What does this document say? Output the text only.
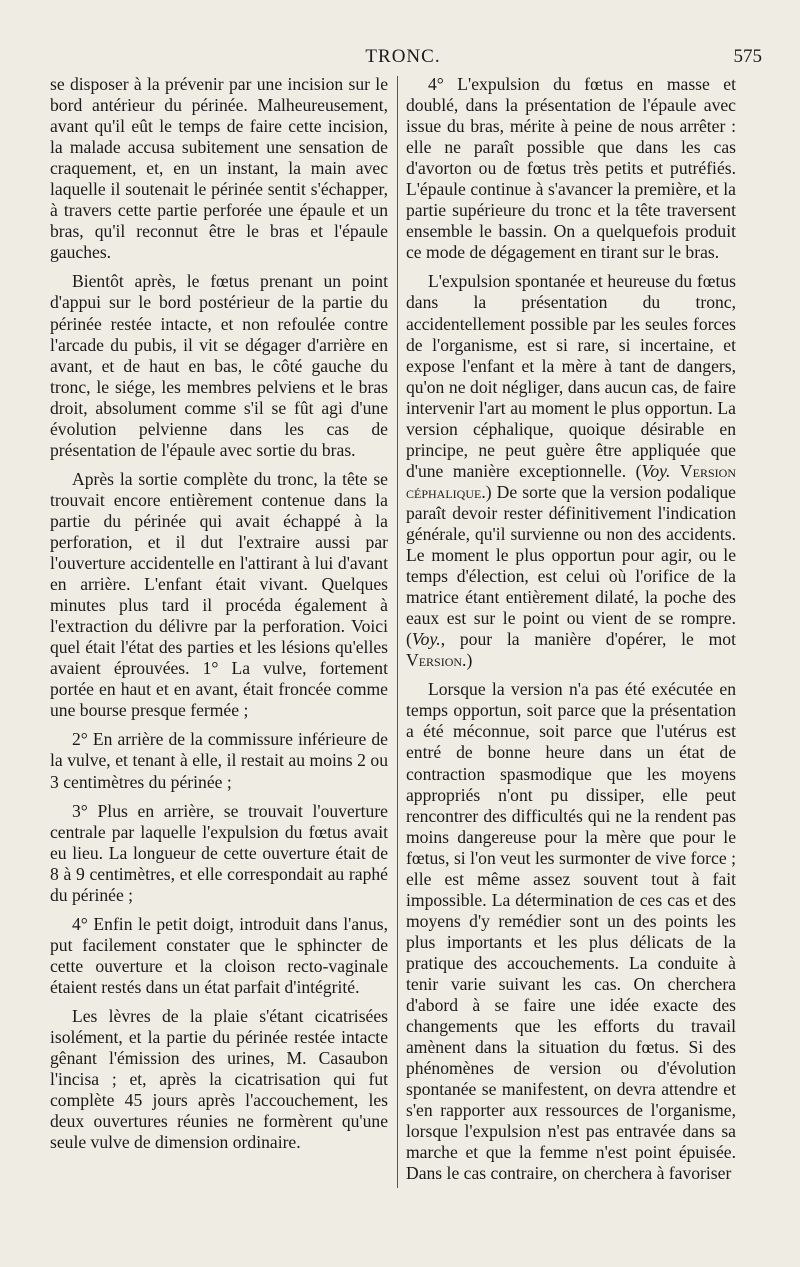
TRONC.	575

se disposer à la prévenir par une incision sur le bord antérieur du périnée. Malheureusement, avant qu'il eût le temps de faire cette incision, la malade accusa subitement une sensation de craquement, et, en un instant, la main avec laquelle il soutenait le périnée sentit s'échapper, à travers cette partie perforée une épaule et un bras, qu'il reconnut être le bras et l'épaule gauches.

Bientôt après, le fœtus prenant un point d'appui sur le bord postérieur de la partie du périnée restée intacte, et non refoulée contre l'arcade du pubis, il vit se dégager d'arrière en avant, et de haut en bas, le côté gauche du tronc, le siége, les membres pelviens et le bras droit, absolument comme s'il se fût agi d'une évolution pelvienne dans les cas de présentation de l'épaule avec sortie du bras.

Après la sortie complète du tronc, la tête se trouvait encore entièrement contenue dans la partie du périnée qui avait échappé à la perforation, et il dut l'extraire aussi par l'ouverture accidentelle en l'attirant à lui d'avant en arrière. L'enfant était vivant. Quelques minutes plus tard il procéda également à l'extraction du délivre par la perforation. Voici quel était l'état des parties et les lésions qu'elles avaient éprouvées. 1° La vulve, fortement portée en haut et en avant, était froncée comme une bourse presque fermée ;

2° En arrière de la commissure inférieure de la vulve, et tenant à elle, il restait au moins 2 ou 3 centimètres du périnée ;

3° Plus en arrière, se trouvait l'ouverture centrale par laquelle l'expulsion du fœtus avait eu lieu. La longueur de cette ouverture était de 8 à 9 centimètres, et elle correspondait au raphé du périnée ;

4° Enfin le petit doigt, introduit dans l'anus, put facilement constater que le sphincter de cette ouverture et la cloison recto-vaginale étaient restés dans un état parfait d'intégrité.

Les lèvres de la plaie s'étant cicatrisées isolément, et la partie du périnée restée intacte gênant l'émission des urines, M. Casaubon l'incisa ; et, après la cicatrisation qui fut complète 45 jours après l'accouchement, les deux ouvertures réunies ne formèrent qu'une seule vulve de dimension ordinaire.

4° L'expulsion du fœtus en masse et doublé, dans la présentation de l'épaule avec issue du bras, mérite à peine de nous arrêter : elle ne paraît possible que dans les cas d'avorton ou de fœtus très petits et putréfiés. L'épaule continue à s'avancer la première, et la partie supérieure du tronc et la tête traversent ensemble le bassin. On a quelquefois produit ce mode de dégagement en tirant sur le bras.

L'expulsion spontanée et heureuse du fœtus dans la présentation du tronc, accidentellement possible par les seules forces de l'organisme, est si rare, si incertaine, et expose l'enfant et la mère à tant de dangers, qu'on ne doit négliger, dans aucun cas, de faire intervenir l'art au moment le plus opportun. La version céphalique, quoique désirable en principe, ne peut guère être appliquée que d'une manière exceptionnelle. (Voy. Version céphalique.) De sorte que la version podalique paraît devoir rester définitivement l'indication générale, qu'il survienne ou non des accidents. Le moment le plus opportun pour agir, ou le temps d'élection, est celui où l'orifice de la matrice étant entièrement dilaté, la poche des eaux est sur le point ou vient de se rompre. (Voy., pour la manière d'opérer, le mot Version.)

Lorsque la version n'a pas été exécutée en temps opportun, soit parce que la présentation a été méconnue, soit parce que l'utérus est entré de bonne heure dans un état de contraction spasmodique que les moyens appropriés n'ont pu dissiper, elle peut rencontrer des difficultés qui ne la rendent pas moins dangereuse pour la mère que pour le fœtus, si l'on veut les surmonter de vive force ; elle est même assez souvent tout à fait impossible. La détermination de ces cas et des moyens d'y remédier sont un des points les plus importants et les plus délicats de la pratique des accouchements. La conduite à tenir varie suivant les cas. On cherchera d'abord à se faire une idée exacte des changements que les efforts du travail amènent dans la situation du fœtus. Si des phénomènes de version ou d'évolution spontanée se manifestent, on devra attendre et s'en rapporter aux ressources de l'organisme, lorsque l'expulsion n'est pas entravée dans sa marche et que la femme n'est point épuisée. Dans le cas contraire, on cherchera à favoriser
